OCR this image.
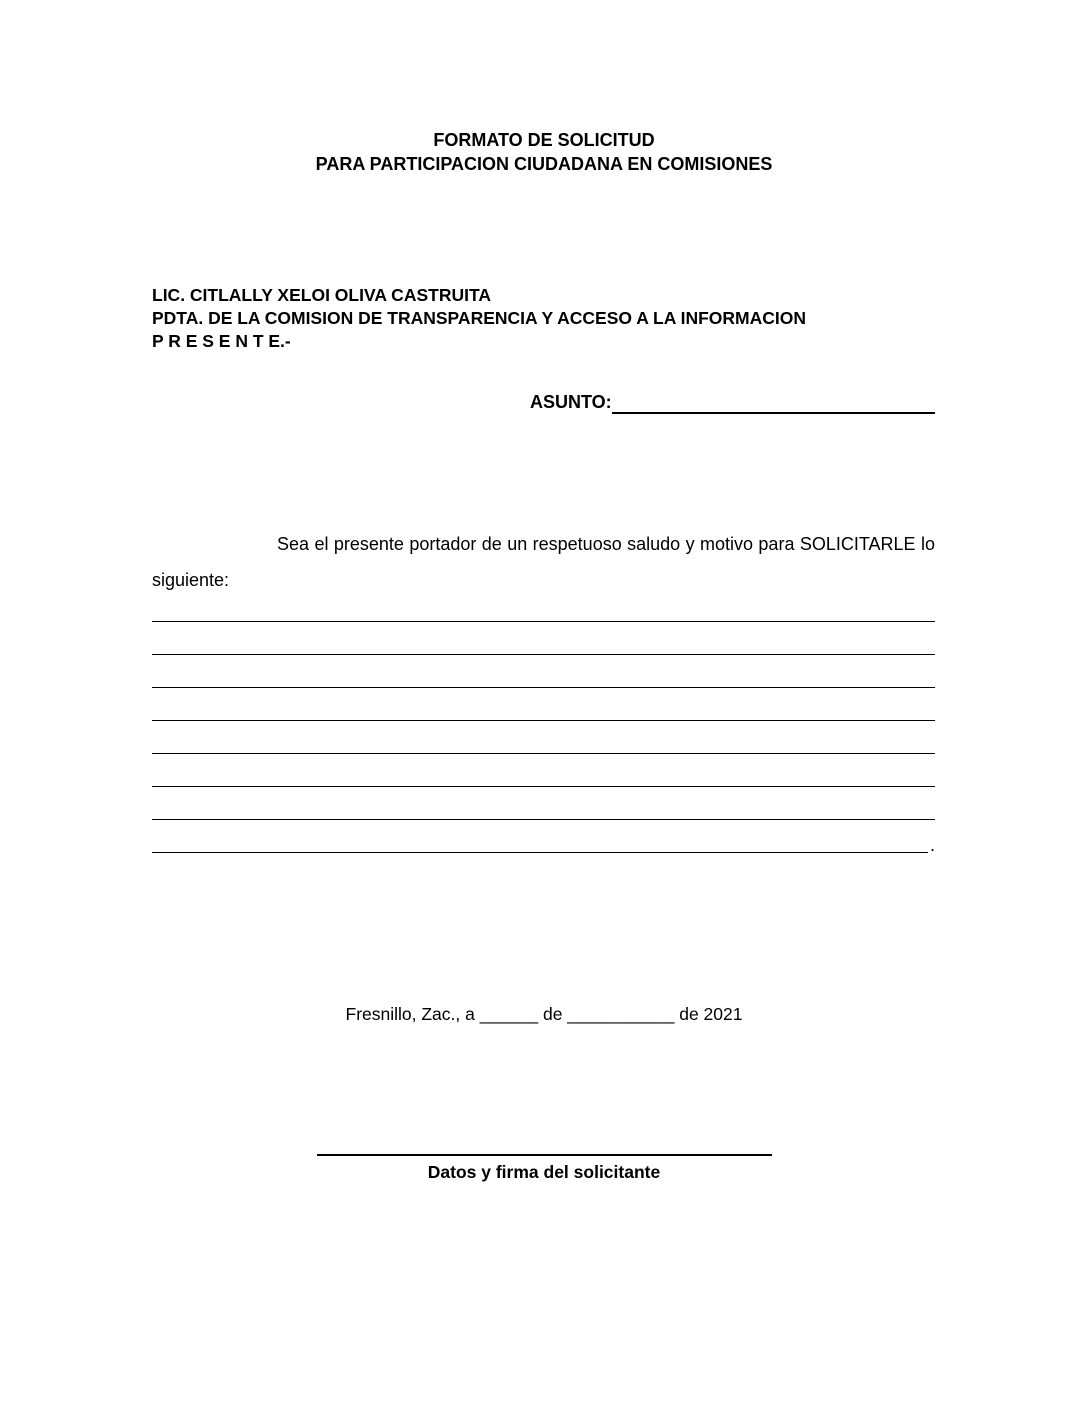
FORMATO DE SOLICITUD
PARA PARTICIPACION CIUDADANA EN COMISIONES
LIC. CITLALLY XELOI OLIVA CASTRUITA
PDTA. DE LA COMISION DE TRANSPARENCIA Y ACCESO A LA INFORMACION
P R E S E N T E.-
ASUNTO:
Sea el presente portador de un respetuoso saludo y motivo para SOLICITARLE lo siguiente:
.
Fresnillo, Zac., a ______ de ___________ de 2021
Datos y firma del solicitante
